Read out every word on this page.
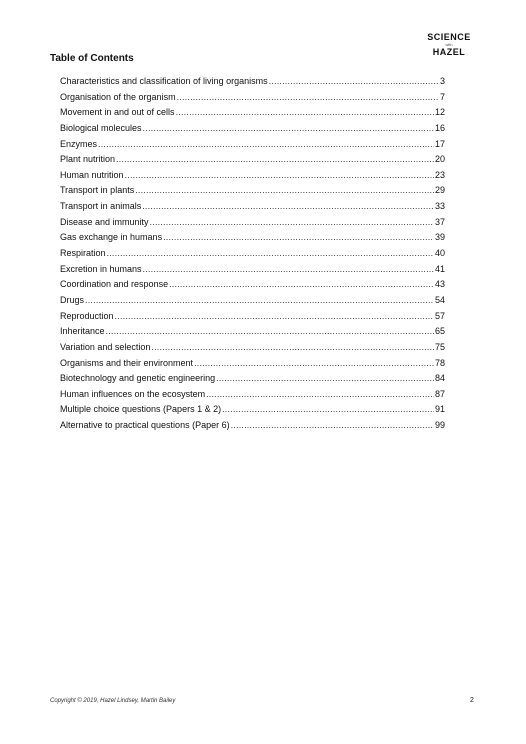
SCIENCE
with
HAZEL
Table of Contents
Characteristics and classification of living organisms .....	3
Organisation of the organism .....	7
Movement in and out of cells .....	12
Biological molecules .....	16
Enzymes .....	17
Plant nutrition .....	20
Human nutrition .....	23
Transport in plants .....	29
Transport in animals .....	33
Disease and immunity .....	37
Gas exchange in humans .....	39
Respiration .....	40
Excretion in humans .....	41
Coordination and response .....	43
Drugs .....	54
Reproduction .....	57
Inheritance .....	65
Variation and selection .....	75
Organisms and their environment .....	78
Biotechnology and genetic engineering .....	84
Human influences on the ecosystem .....	87
Multiple choice questions (Papers 1 & 2) .....	91
Alternative to practical questions (Paper 6) .....	99
Copyright © 2019, Hazel Lindsey, Martin Bailey	2
